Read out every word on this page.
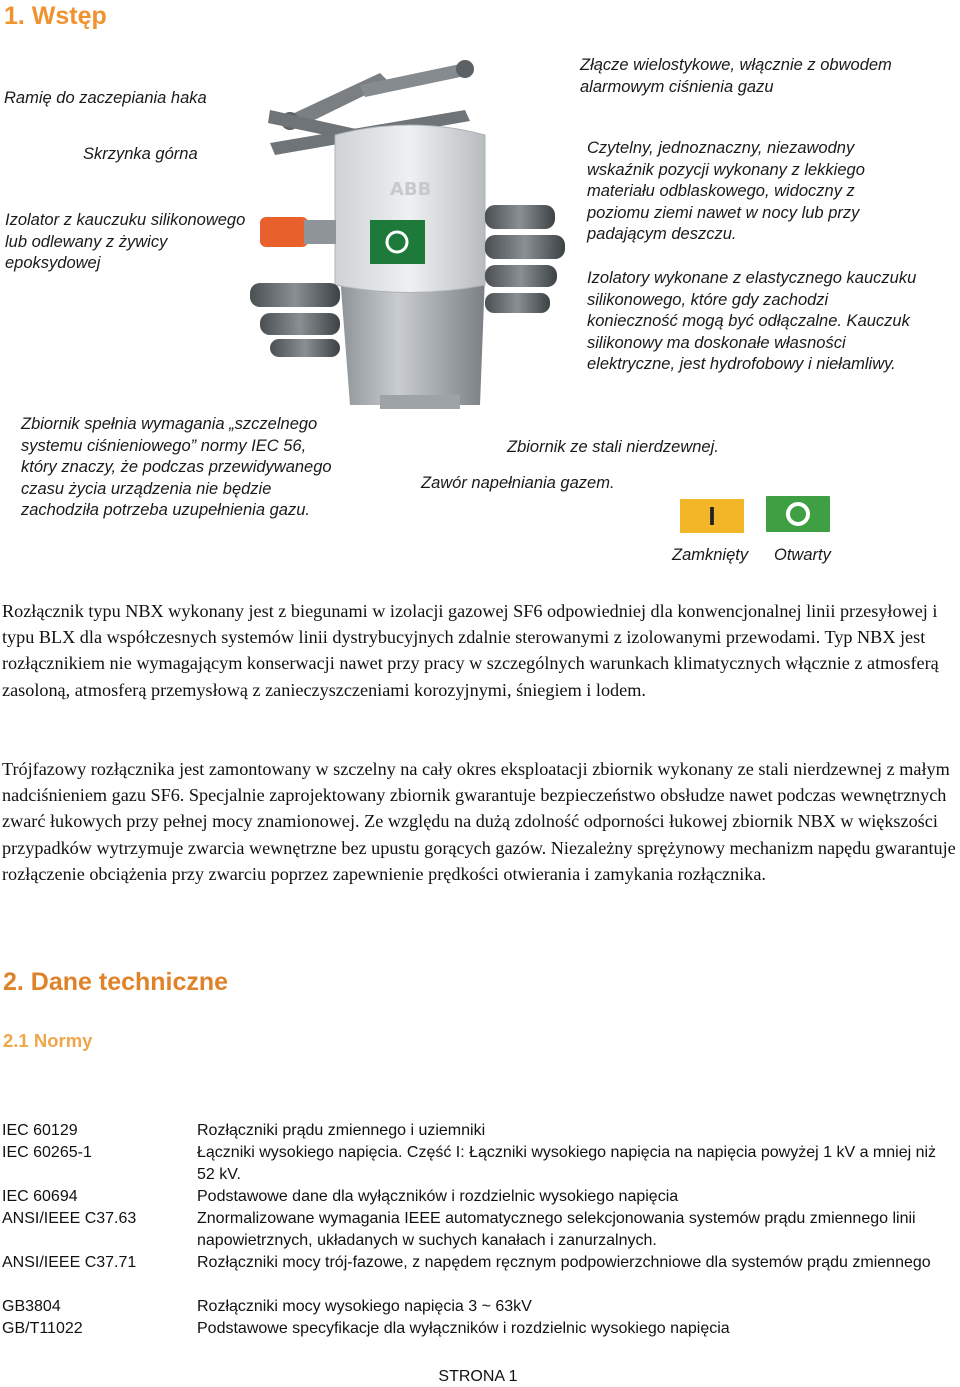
1. Wstęp
Ramię do zaczepiania haka
Skrzynka górna
Izolator z kauczuku silikonowego lub odlewany z żywicy epoksydowej
Zbiornik spełnia wymagania „szczelnego systemu ciśnieniowego” normy IEC 56, który znaczy, że podczas przewidywanego czasu życia urządzenia nie będzie zachodziła potrzeba uzupełnienia gazu.
ABB
Złącze wielostykowe, włącznie z obwodem alarmowym ciśnienia gazu
Czytelny, jednoznaczny, niezawodny wskaźnik pozycji wykonany z lekkiego materiału odblaskowego, widoczny z poziomu ziemi nawet w nocy lub przy padającym deszczu.
Izolatory wykonane z elastycznego kauczuku silikonowego, które gdy zachodzi konieczność mogą być odłączalne. Kauczuk silikonowy ma doskonałe własności elektryczne, jest hydrofobowy i niełamliwy.
Zbiornik ze stali nierdzewnej.
Zawór napełniania gazem.
I
Zamknięty Otwarty
Rozłącznik typu NBX wykonany jest z biegunami w izolacji gazowej SF6 odpowiedniej dla konwencjonalnej linii przesyłowej i typu BLX dla współczesnych systemów linii dystrybucyjnych zdalnie sterowanymi z izolowanymi przewodami. Typ NBX jest rozłącznikiem nie wymagającym konserwacji nawet przy pracy w szczególnych warunkach klimatycznych włącznie z atmosferą zasoloną, atmosferą przemysłową z zanieczyszczeniami korozyjnymi, śniegiem i lodem.
Trójfazowy rozłącznika jest zamontowany w szczelny na cały okres eksploatacji zbiornik wykonany ze stali nierdzewnej z małym nadciśnieniem gazu SF6. Specjalnie zaprojektowany zbiornik gwarantuje bezpieczeństwo obsłudze nawet podczas wewnętrznych zwarć łukowych przy pełnej mocy znamionowej. Ze względu na dużą zdolność odporności łukowej zbiornik NBX w większości przypadków wytrzymuje zwarcia wewnętrzne bez upustu gorących gazów. Niezależny sprężynowy mechanizm napędu gwarantuje rozłączenie obciążenia przy zwarciu poprzez zapewnienie prędkości otwierania i zamykania rozłącznika.
2. Dane techniczne
2.1 Normy
IEC 60129	Rozłączniki prądu zmiennego i uziemniki
IEC 60265-1	Łączniki wysokiego napięcia. Część I: Łączniki wysokiego napięcia na napięcia powyżej 1 kV a mniej niż 52 kV.
IEC 60694	Podstawowe dane dla wyłączników i rozdzielnic wysokiego napięcia
ANSI/IEEE C37.63	Znormalizowane wymagania IEEE automatycznego selekcjonowania systemów prądu zmiennego linii napowietrznych, układanych w suchych kanałach i zanurzalnych.
ANSI/IEEE C37.71	Rozłączniki mocy trój-fazowe, z napędem ręcznym podpowierzchniowe dla systemów prądu zmiennego
GB3804	Rozłączniki mocy wysokiego napięcia 3 ~ 63kV
GB/T11022	Podstawowe specyfikacje dla wyłączników i rozdzielnic wysokiego napięcia
STRONA 1
